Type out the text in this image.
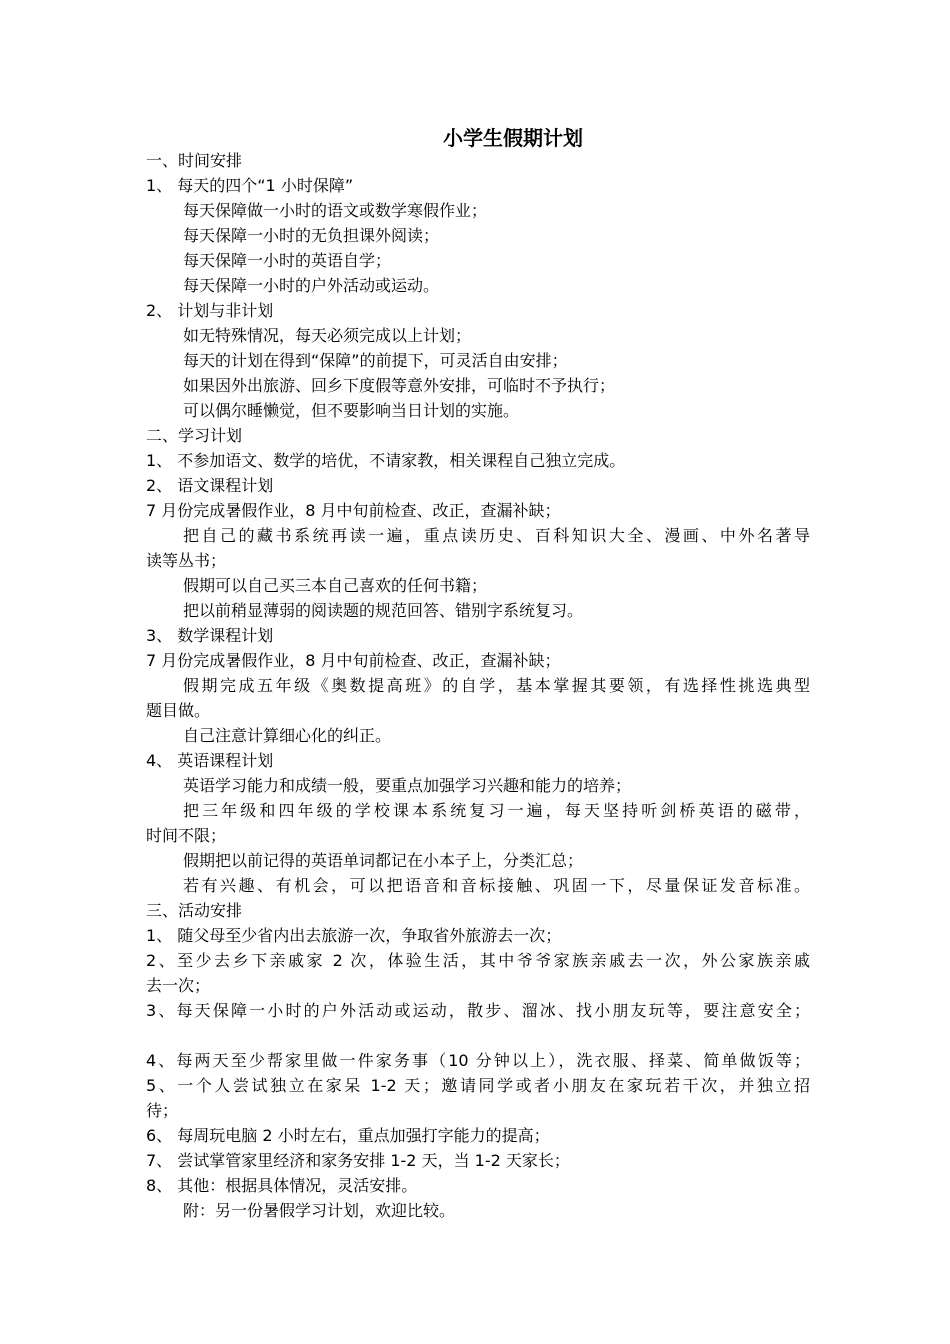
小学生假期计划
一、时间安排
1、 每天的四个“1 小时保障”
每天保障做一小时的语文或数学寒假作业；
每天保障一小时的无负担课外阅读；
每天保障一小时的英语自学；
每天保障一小时的户外活动或运动。
2、 计划与非计划
如无特殊情况，每天必须完成以上计划；
每天的计划在得到“保障”的前提下，可灵活自由安排；
如果因外出旅游、回乡下度假等意外安排，可临时不予执行；
可以偶尔睡懒觉，但不要影响当日计划的实施。
二、学习计划
1、 不参加语文、数学的培优，不请家教，相关课程自己独立完成。
2、 语文课程计划
7 月份完成暑假作业，8 月中旬前检查、改正，查漏补缺；
把自己的藏书系统再读一遍，重点读历史、百科知识大全、漫画、中外名著导
读等丛书；
假期可以自己买三本自己喜欢的任何书籍；
把以前稍显薄弱的阅读题的规范回答、错别字系统复习。
3、 数学课程计划
7 月份完成暑假作业，8 月中旬前检查、改正，查漏补缺；
假期完成五年级《奥数提高班》的自学，基本掌握其要领，有选择性挑选典型
题目做。
自己注意计算细心化的纠正。
4、 英语课程计划
英语学习能力和成绩一般，要重点加强学习兴趣和能力的培养；
把三年级和四年级的学校课本系统复习一遍，每天坚持听剑桥英语的磁带，
时间不限；
假期把以前记得的英语单词都记在小本子上，分类汇总；
若有兴趣、有机会，可以把语音和音标接触、巩固一下，尽量保证发音标准。
三、活动安排
1、 随父母至少省内出去旅游一次，争取省外旅游去一次；
2、至少去乡下亲戚家 2 次，体验生活，其中爷爷家族亲戚去一次，外公家族亲戚
去一次；
3、每天保障一小时的户外活动或运动，散步、溜冰、找小朋友玩等，要注意安全；
4、每两天至少帮家里做一件家务事（10 分钟以上），洗衣服、择菜、简单做饭等；
5、一个人尝试独立在家呆 1-2 天；邀请同学或者小朋友在家玩若干次，并独立招
待；
6、 每周玩电脑 2 小时左右，重点加强打字能力的提高；
7、 尝试掌管家里经济和家务安排 1-2 天，当 1-2 天家长；
8、 其他：根据具体情况，灵活安排。
附：另一份暑假学习计划，欢迎比较。
